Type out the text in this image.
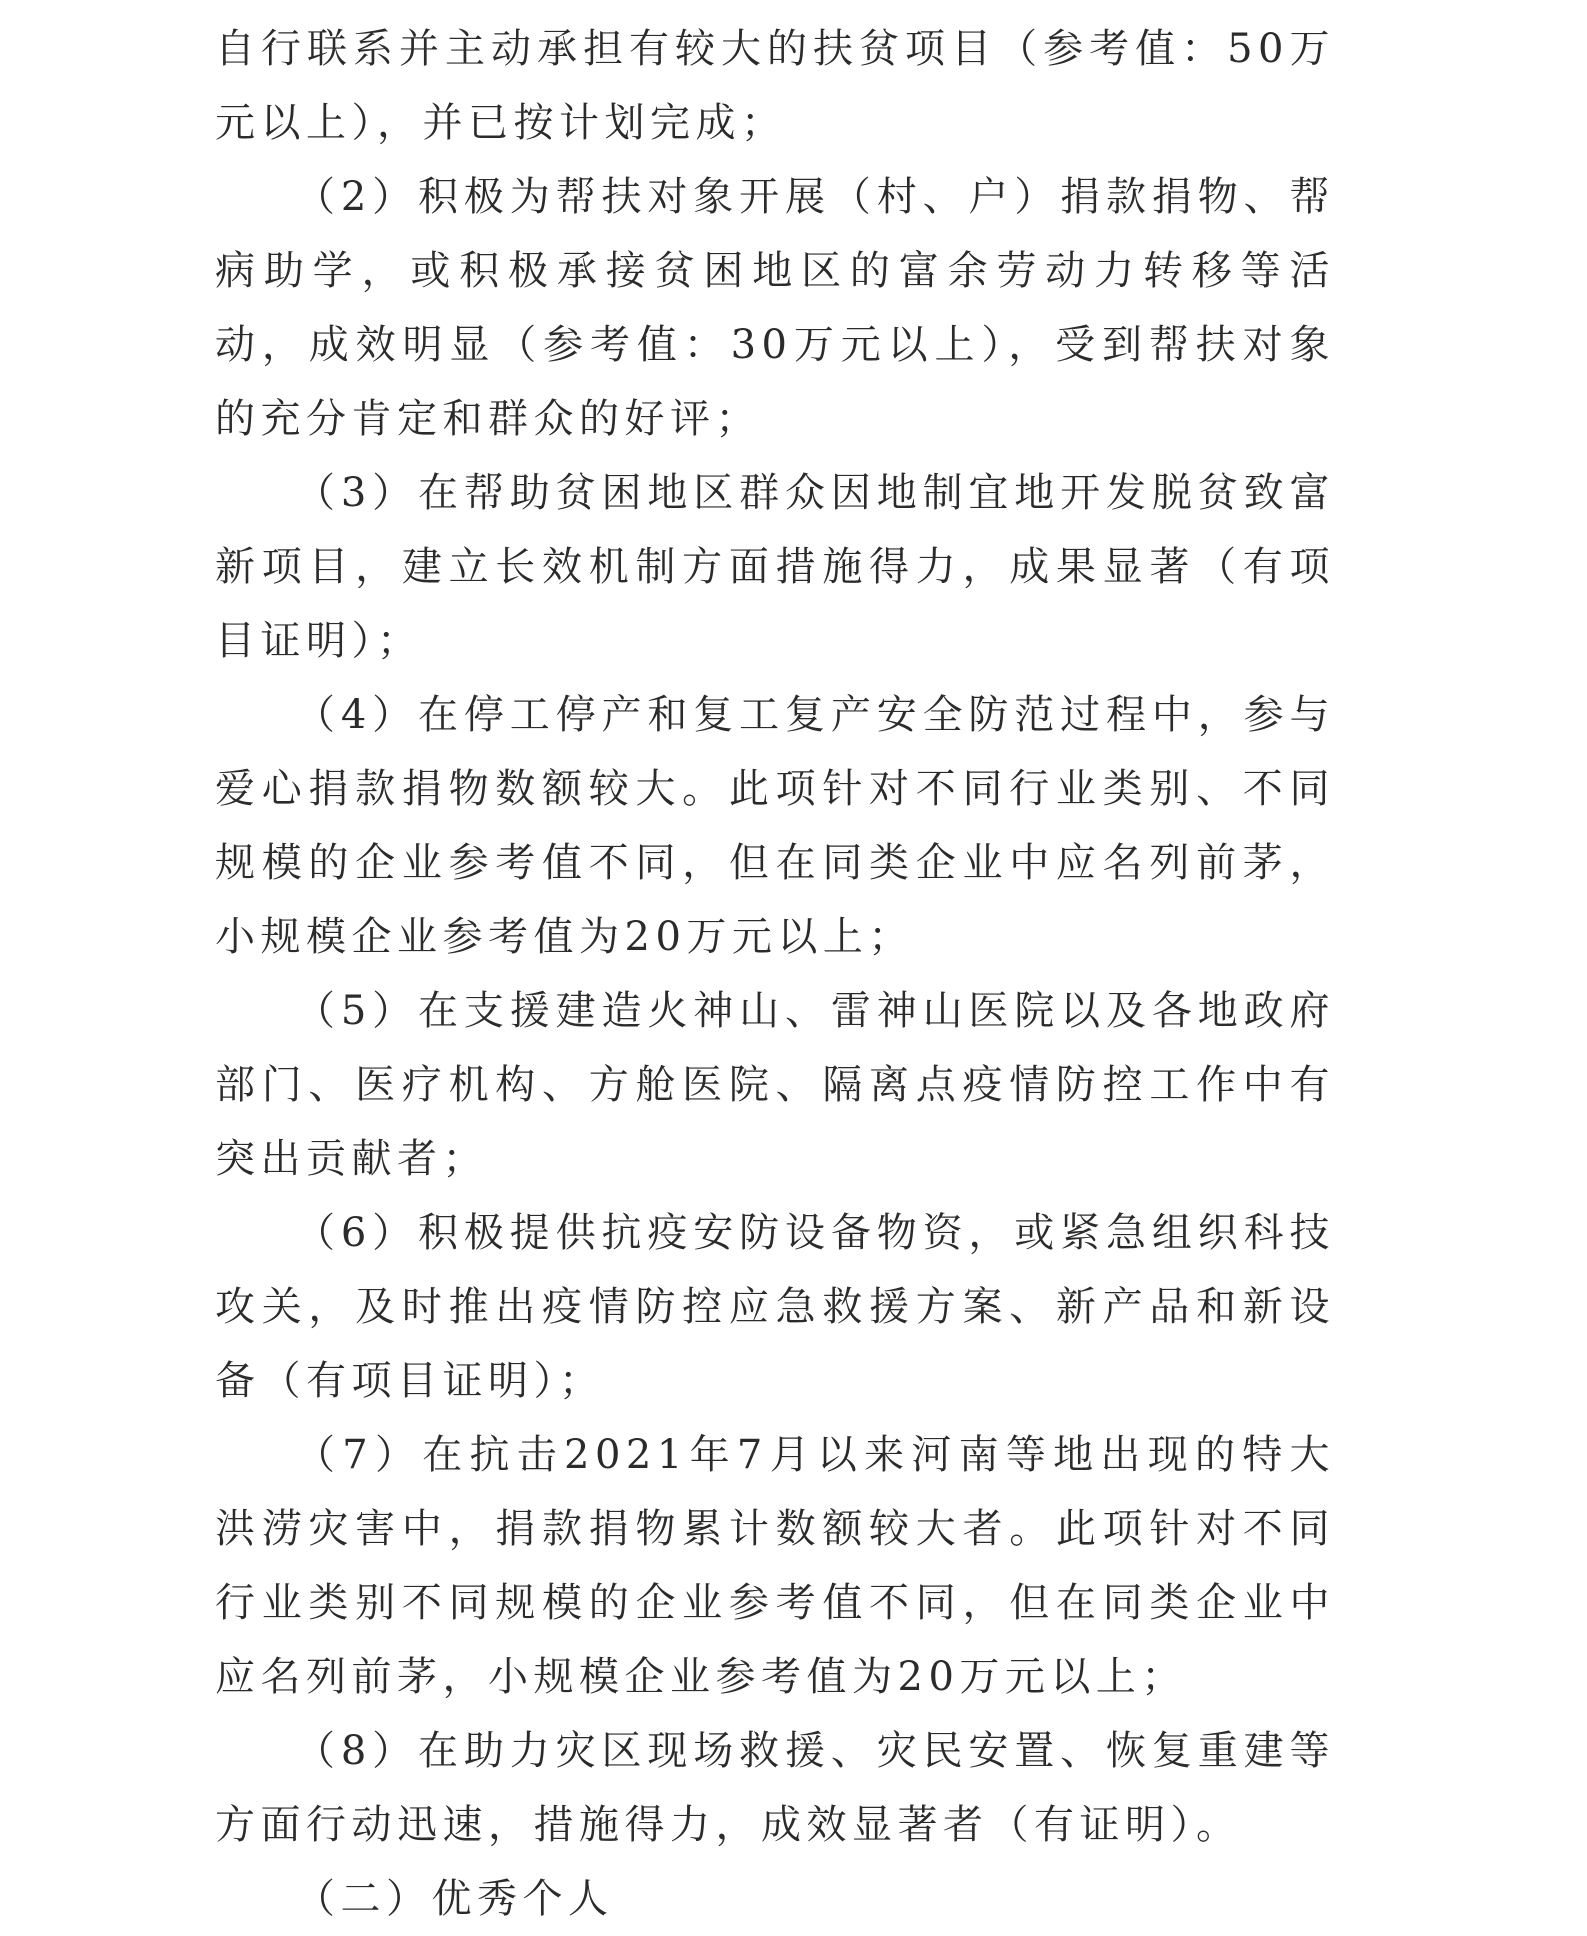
自行联系并主动承担有较大的扶贫项目（参考值：50万元以上），并已按计划完成；

（2）积极为帮扶对象开展（村、户）捐款捐物、帮病助学，或积极承接贫困地区的富余劳动力转移等活动，成效明显（参考值：30万元以上），受到帮扶对象的充分肯定和群众的好评；

（3）在帮助贫困地区群众因地制宜地开发脱贫致富新项目，建立长效机制方面措施得力，成果显著（有项目证明）；

（4）在停工停产和复工复产安全防范过程中，参与爱心捐款捐物数额较大。此项针对不同行业类别、不同规模的企业参考值不同，但在同类企业中应名列前茅，小规模企业参考值为20万元以上；

（5）在支援建造火神山、雷神山医院以及各地政府部门、医疗机构、方舱医院、隔离点疫情防控工作中有突出贡献者；

（6）积极提供抗疫安防设备物资，或紧急组织科技攻关，及时推出疫情防控应急救援方案、新产品和新设备（有项目证明）；

（7）在抗击2021年7月以来河南等地出现的特大洪涝灾害中，捐款捐物累计数额较大者。此项针对不同行业类别不同规模的企业参考值不同，但在同类企业中应名列前茅，小规模企业参考值为20万元以上；

（8）在助力灾区现场救援、灾民安置、恢复重建等方面行动迅速，措施得力，成效显著者（有证明）。

（二）优秀个人
